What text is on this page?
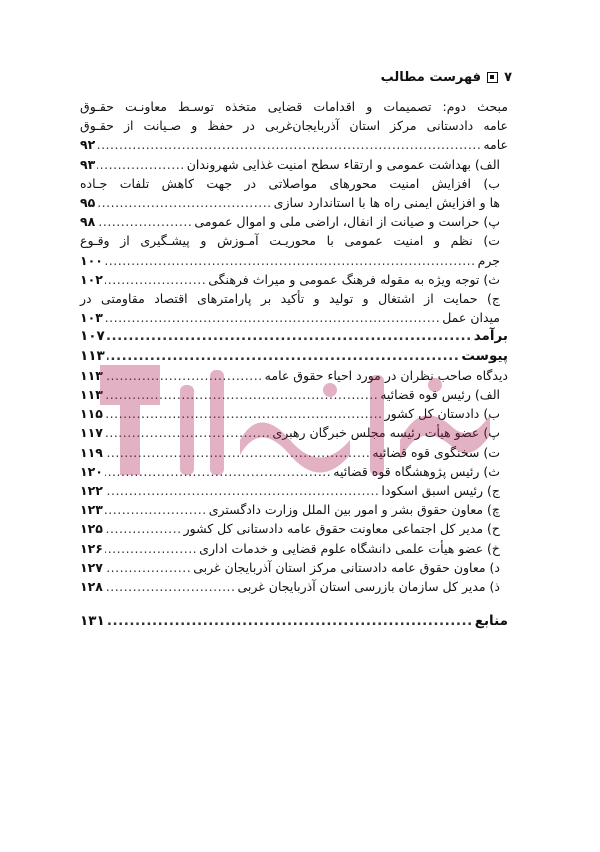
۷
فهرست مطالب
مبحث دوم: تصمیمات و اقدامات قضایی متخذه توسـط معاونـت حقـوق
عامه دادستانی مرکز استان آذربایجان‌غربی در حفظ و صـیانت از حقـوق
عامه
.....
۹۲
الف) بهداشت عمومی و ارتقاء سطح امنیت غذایی شهروندان
.....
۹۳
ب) افزایش امنیت محورهای مواصلاتی در جهت کاهش تلفات جـاده
ها و افزایش ایمنی راه ها با استاندارد سازی
.....
۹۵
پ) حراست و صیانت از انفال، اراضی ملی و اموال عمومی
.....
۹۸
ت) نظم و امنیت عمومی با محوریـت آمـوزش و پیشـگیری از وقـوع
جرم
.....
۱۰۰
ث) توجه ویژه به مقوله فرهنگ عمومی و میراث فرهنگی
.....
۱۰۲
ج) حمایت از اشتغال و تولید و تأکید بر پارامترهای اقتصاد مقاومتی در
میدان عمل
.....
۱۰۳
برآمد
.....
۱۰۷
پیوست
.....
۱۱۳
دیدگاه صاحب نظران در مورد احیاء حقوق عامه
.....
۱۱۳
الف) رئیس قوه قضائیه
.....
۱۱۳
ب) دادستان کل کشور
.....
۱۱۵
پ) عضو هیأت رئیسه مجلس خبرگان رهبری
.....
۱۱۷
ت) سخنگوی قوه قضائیه
.....
۱۱۹
ث) رئیس پژوهشگاه قوه قضائیه
.....
۱۲۰
ج) رئیس اسبق اسکودا
.....
۱۲۲
چ) معاون حقوق بشر و امور بین الملل وزارت دادگستری
.....
۱۲۳
ح) مدیر کل اجتماعی معاونت حقوق عامه دادستانی کل کشور
.....
۱۲۵
خ) عضو هیأت علمی دانشگاه علوم قضایی و خدمات اداری
.....
۱۲۶
د) معاون حقوق عامه دادستانی مرکز استان آذربایجان غربی
.....
۱۲۷
ذ) مدیر کل سازمان بازرسی استان آذربایجان غربی
.....
۱۲۸
منابع
.....
۱۳۱
